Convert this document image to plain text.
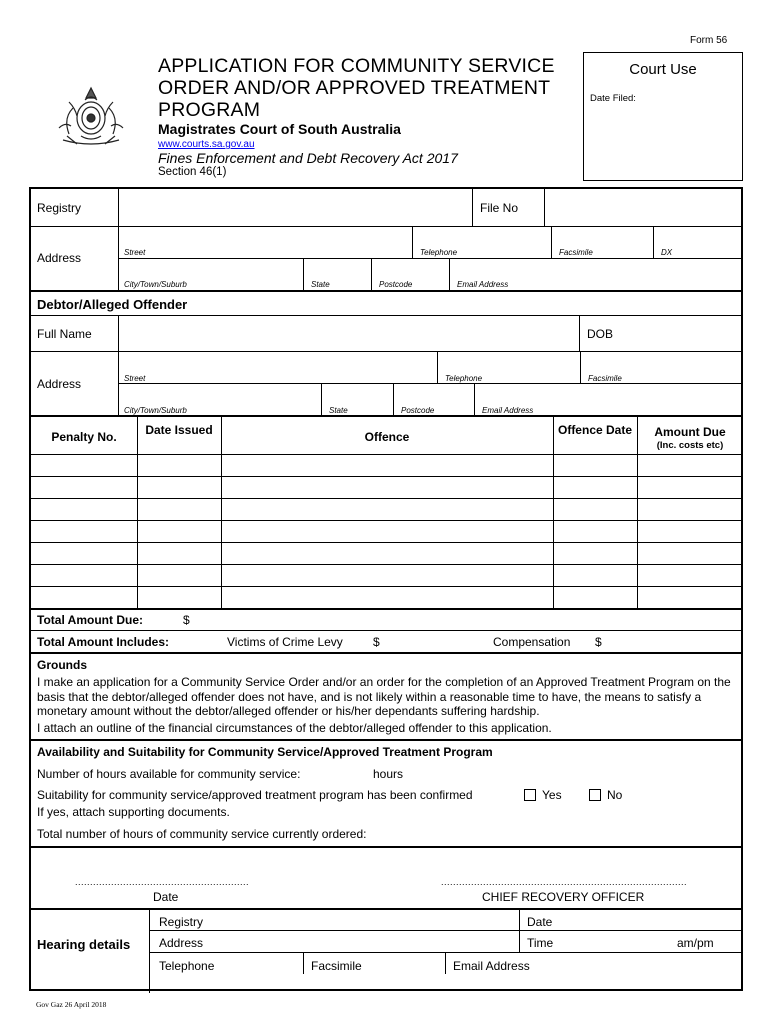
Form 56
APPLICATION FOR COMMUNITY SERVICE ORDER AND/OR APPROVED TREATMENT PROGRAM
Magistrates Court of South Australia
www.courts.sa.gov.au
Fines Enforcement and Debt Recovery Act 2017
Section 46(1)
Court Use
Date Filed:
Registry	File No
Address	Street	Telephone	Facsimile	DX
City/Town/Suburb	State	Postcode	Email Address
Debtor/Alleged Offender
Full Name	DOB
Address	Street	Telephone	Facsimile
City/Town/Suburb	State	Postcode	Email Address
Penalty No.	Date Issued	Offence	Offence Date	Amount Due
(Inc. costs etc)
Total Amount Due:	$
Total Amount Includes:	Victims of Crime Levy	$	Compensation $
Grounds
I make an application for a Community Service Order and/or an order for the completion of an Approved Treatment Program on the basis that the debtor/alleged offender does not have, and is not likely within a reasonable time to have, the means to satisfy a monetary amount without the debtor/alleged offender or his/her dependants suffering hardship.
I attach an outline of the financial circumstances of the debtor/alleged offender to this application.
Availability and Suitability for Community Service/Approved Treatment Program
Number of hours available for community service:	hours
Suitability for community service/approved treatment program has been confirmed	Yes	No
If yes, attach supporting documents.
Total number of hours of community service currently ordered:
..........................................................	..................................................................................
Date	CHIEF RECOVERY OFFICER
Hearing details
Registry	Date
Address	Time	am/pm
Telephone	Facsimile	Email Address
Gov Gaz 26 April 2018
